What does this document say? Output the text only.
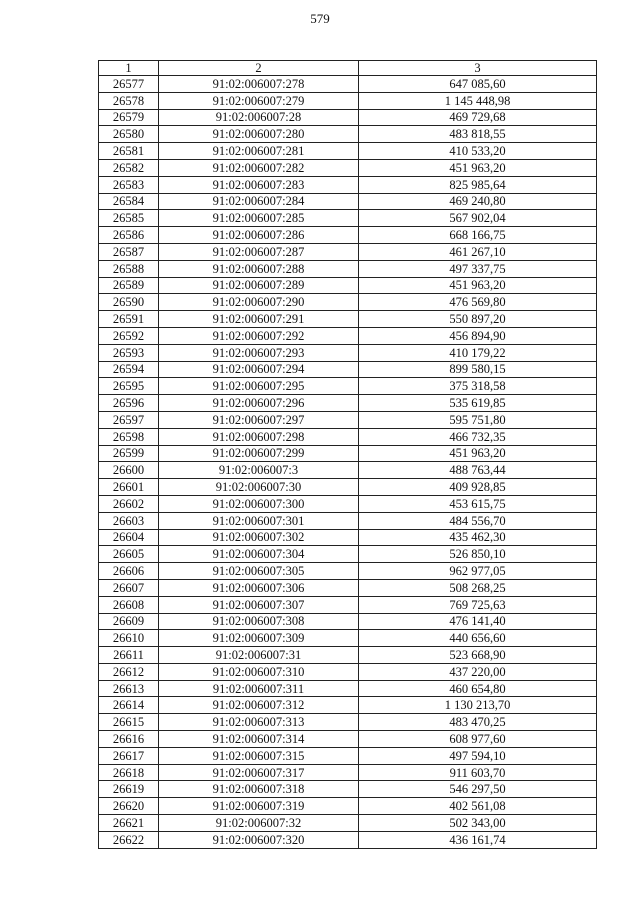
579
1	2	3
26577	91:02:006007:278	647 085,60
26578	91:02:006007:279	1 145 448,98
26579	91:02:006007:28	469 729,68
26580	91:02:006007:280	483 818,55
26581	91:02:006007:281	410 533,20
26582	91:02:006007:282	451 963,20
26583	91:02:006007:283	825 985,64
26584	91:02:006007:284	469 240,80
26585	91:02:006007:285	567 902,04
26586	91:02:006007:286	668 166,75
26587	91:02:006007:287	461 267,10
26588	91:02:006007:288	497 337,75
26589	91:02:006007:289	451 963,20
26590	91:02:006007:290	476 569,80
26591	91:02:006007:291	550 897,20
26592	91:02:006007:292	456 894,90
26593	91:02:006007:293	410 179,22
26594	91:02:006007:294	899 580,15
26595	91:02:006007:295	375 318,58
26596	91:02:006007:296	535 619,85
26597	91:02:006007:297	595 751,80
26598	91:02:006007:298	466 732,35
26599	91:02:006007:299	451 963,20
26600	91:02:006007:3	488 763,44
26601	91:02:006007:30	409 928,85
26602	91:02:006007:300	453 615,75
26603	91:02:006007:301	484 556,70
26604	91:02:006007:302	435 462,30
26605	91:02:006007:304	526 850,10
26606	91:02:006007:305	962 977,05
26607	91:02:006007:306	508 268,25
26608	91:02:006007:307	769 725,63
26609	91:02:006007:308	476 141,40
26610	91:02:006007:309	440 656,60
26611	91:02:006007:31	523 668,90
26612	91:02:006007:310	437 220,00
26613	91:02:006007:311	460 654,80
26614	91:02:006007:312	1 130 213,70
26615	91:02:006007:313	483 470,25
26616	91:02:006007:314	608 977,60
26617	91:02:006007:315	497 594,10
26618	91:02:006007:317	911 603,70
26619	91:02:006007:318	546 297,50
26620	91:02:006007:319	402 561,08
26621	91:02:006007:32	502 343,00
26622	91:02:006007:320	436 161,74
